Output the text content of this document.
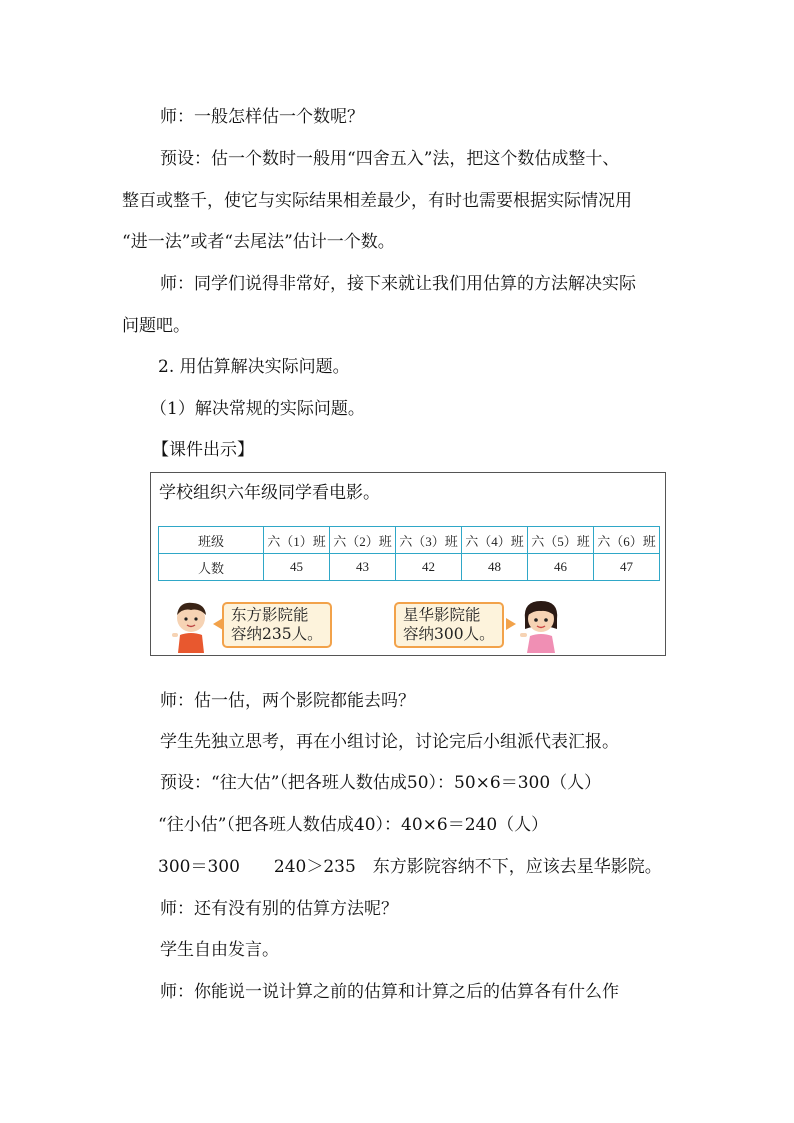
师：一般怎样估一个数呢？
预设：估一个数时一般用“四舍五入”法，把这个数估成整十、
整百或整千，使它与实际结果相差最少，有时也需要根据实际情况用
“进一法”或者“去尾法”估计一个数。
师：同学们说得非常好，接下来就让我们用估算的方法解决实际
问题吧。
2. 用估算解决实际问题。
（1）解决常规的实际问题。
【课件出示】
学校组织六年级同学看电影。
班级	六（1）班	六（2）班	六（3）班	六（4）班	六（5）班	六（6）班
人数	45	43	42	48	46	47
东方影院能
容纳235人。
星华影院能
容纳300人。
师：估一估，两个影院都能去吗？
学生先独立思考，再在小组讨论，讨论完后小组派代表汇报。
预设：“往大估”（把各班人数估成50）：50×6＝300（人）
“往小估”（把各班人数估成40）：40×6＝240（人）
300＝300　　240＞235　东方影院容纳不下，应该去星华影院。
师：还有没有别的估算方法呢？
学生自由发言。
师：你能说一说计算之前的估算和计算之后的估算各有什么作
